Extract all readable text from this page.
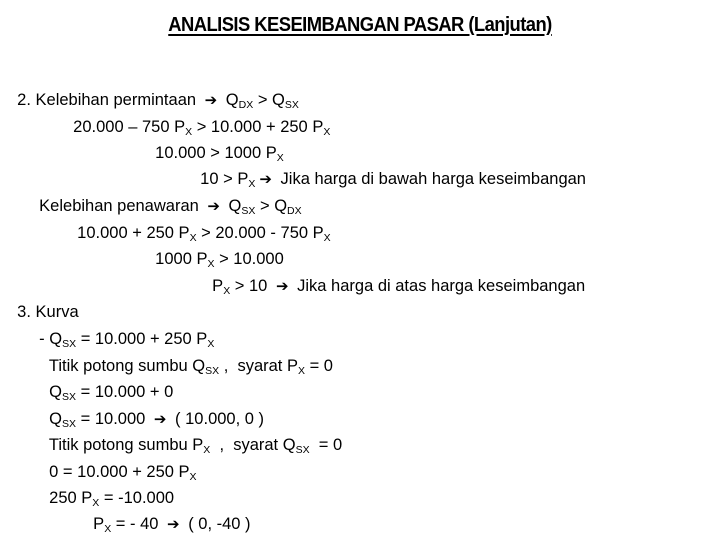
ANALISIS KESEIMBANGAN PASAR (Lanjutan)

2. Kelebihan permintaan ➔ $Q_{DX} > Q_{SX}$

20.000 – 750 $P_X > 10.000 + 250$ $P_X$

10.000 > 1000 $P_X$

$10 > P_X$ ➔ Jika harga di bawah harga keseimbangan

Kelebihan penawaran ➔ $Q_{SX} > Q_{DX}$

10.000 + 250 $P_X > 20.000 - 750$ $P_X$

1000 $P_X > 10.000$

$P_X > 10$ ➔ Jika harga di atas harga keseimbangan

3. Kurva

- $Q_{SX} = 10.000 + 250$ $P_X$

Titik potong sumbu $Q_{SX}$ ,  syarat $P_X = 0$

$Q_{SX} = 10.000 + 0$

$Q_{SX} = 10.000$ ➔ ( 10.000, 0 )

Titik potong sumbu $P_X$  ,  syarat $Q_{SX} = 0$

0 = 10.000 + 250 $P_X$

250 $P_X = -10.000$

$P_X$ = - 40 ➔ ( 0, -40 )
